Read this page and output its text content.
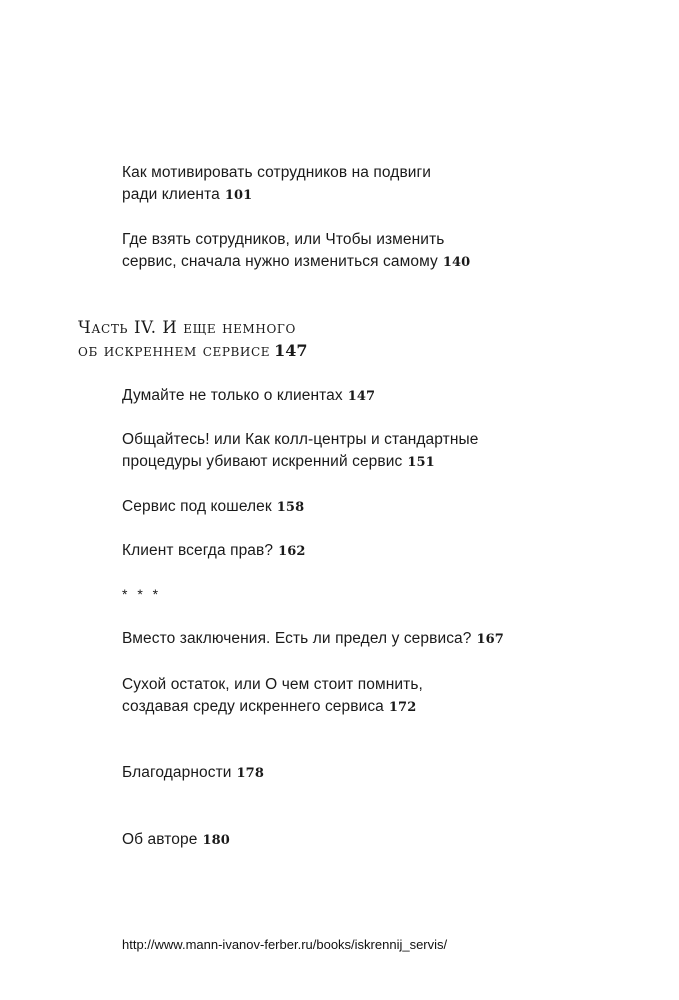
Как мотивировать сотрудников на подвиги
ради клиента 101
Где взять сотрудников, или Чтобы изменить
сервис, сначала нужно измениться самому 140
Часть IV. И еще немного
об искреннем сервисе 147
Думайте не только о клиентах 147
Общайтесь! или Как колл-центры и стандартные
процедуры убивают искренний сервис 151
Сервис под кошелек 158
Клиент всегда прав? 162
* * *
Вместо заключения. Есть ли предел у сервиса? 167
Сухой остаток, или О чем стоит помнить,
создавая среду искреннего сервиса 172
Благодарности 178
Об авторе 180
http://www.mann-ivanov-ferber.ru/books/iskrennij_servis/
